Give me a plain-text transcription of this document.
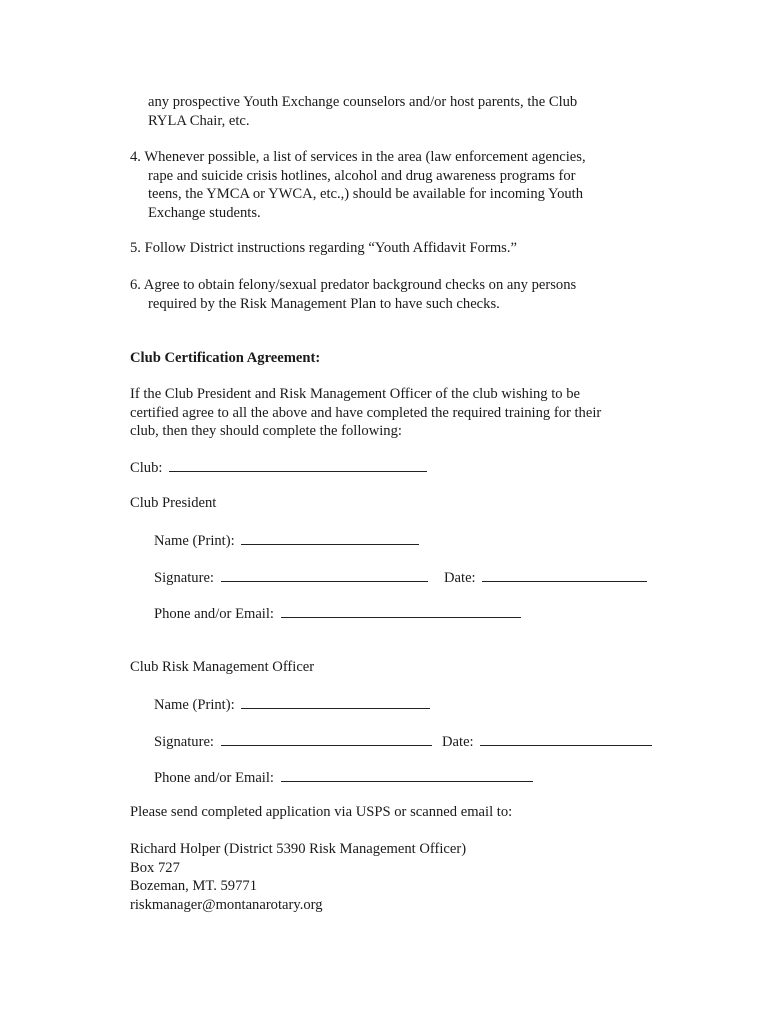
any prospective Youth Exchange counselors and/or host parents, the Club
RYLA Chair, etc.
4. Whenever possible, a list of services in the area (law enforcement agencies,
rape and suicide crisis hotlines, alcohol and drug awareness programs for
teens, the YMCA or YWCA, etc.,) should be available for incoming Youth
Exchange students.
5. Follow District instructions regarding “Youth Affidavit Forms.”
6. Agree to obtain felony/sexual predator background checks on any persons
required by the Risk Management Plan to have such checks.
Club Certification Agreement:
If the Club President and Risk Management Officer of the club wishing to be
certified agree to all the above and have completed the required training for their
club, then they should complete the following:
Club:
Club President
Name (Print):
Signature:	Date:
Phone and/or Email:
Club Risk Management Officer
Name (Print):
Signature:	Date:
Phone and/or Email:
Please send completed application via USPS or scanned email to:
Richard Holper (District 5390 Risk Management Officer)
Box 727
Bozeman, MT. 59771
riskmanager@montanarotary.org
